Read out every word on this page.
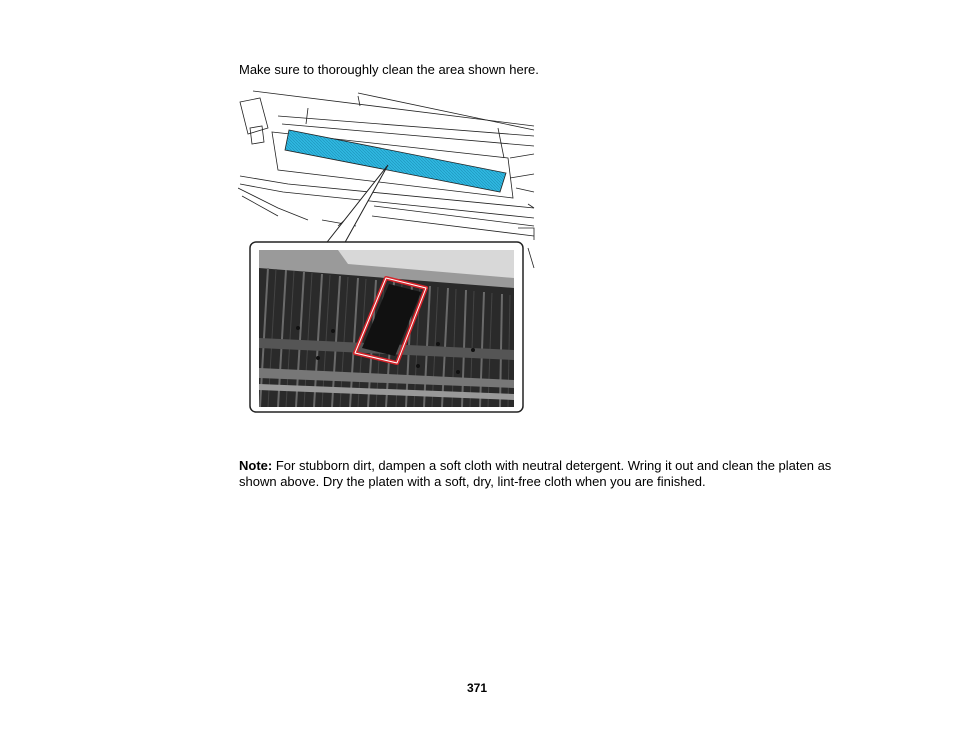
Make sure to thoroughly clean the area shown here.

Note: For stubborn dirt, dampen a soft cloth with neutral detergent. Wring it out and clean the platen as shown above. Dry the platen with a soft, dry, lint-free cloth when you are finished.

371
